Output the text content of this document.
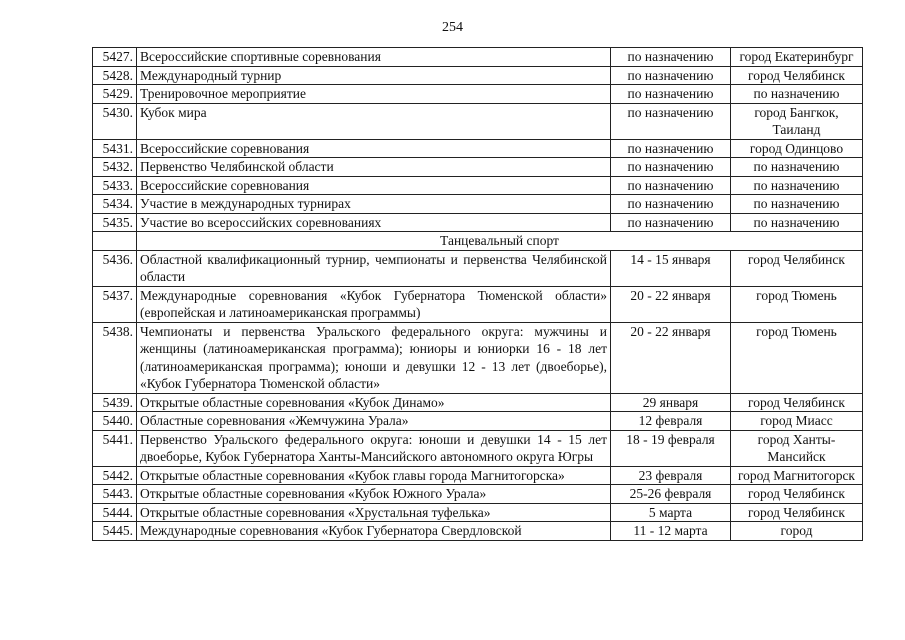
254
5427.	Всероссийские спортивные соревнования	по назначению	город Екатеринбург
5428.	Международный турнир	по назначению	город Челябинск
5429.	Тренировочное мероприятие	по назначению	по назначению
5430.	Кубок мира	по назначению	город Бангкок, Таиланд
5431.	Всероссийские соревнования	по назначению	город Одинцово
5432.	Первенство Челябинской области	по назначению	по назначению
5433.	Всероссийские соревнования	по назначению	по назначению
5434.	Участие в международных турнирах	по назначению	по назначению
5435.	Участие во всероссийских соревнованиях	по назначению	по назначению
	Танцевальный спорт		
5436.	Областной квалификационный турнир, чемпионаты и первенства Челябинской области	14 - 15 января	город Челябинск
5437.	Международные соревнования «Кубок Губернатора Тюменской области» (европейская и латиноамериканская программы)	20 - 22 января	город Тюмень
5438.	Чемпионаты и первенства Уральского федерального округа: мужчины и женщины (латиноамериканская программа); юниоры и юниорки 16 - 18 лет (латиноамериканская программа); юноши и девушки 12 - 13 лет (двоеборье), «Кубок Губернатора Тюменской области»	20 - 22 января	город Тюмень
5439.	Открытые областные соревнования «Кубок Динамо»	29 января	город Челябинск
5440.	Областные соревнования «Жемчужина Урала»	12 февраля	город Миасс
5441.	Первенство Уральского федерального округа: юноши и девушки 14 - 15 лет двоеборье, Кубок Губернатора Ханты-Мансийского автономного округа Югры	18 - 19 февраля	город Ханты-Мансийск
5442.	Открытые областные соревнования «Кубок главы города Магнитогорска»	23 февраля	город Магнитогорск
5443.	Открытые областные соревнования «Кубок Южного Урала»	25-26 февраля	город Челябинск
5444.	Открытые областные соревнования «Хрустальная туфелька»	5 марта	город Челябинск
5445.	Международные соревнования «Кубок Губернатора Свердловской	11 - 12 марта	город
